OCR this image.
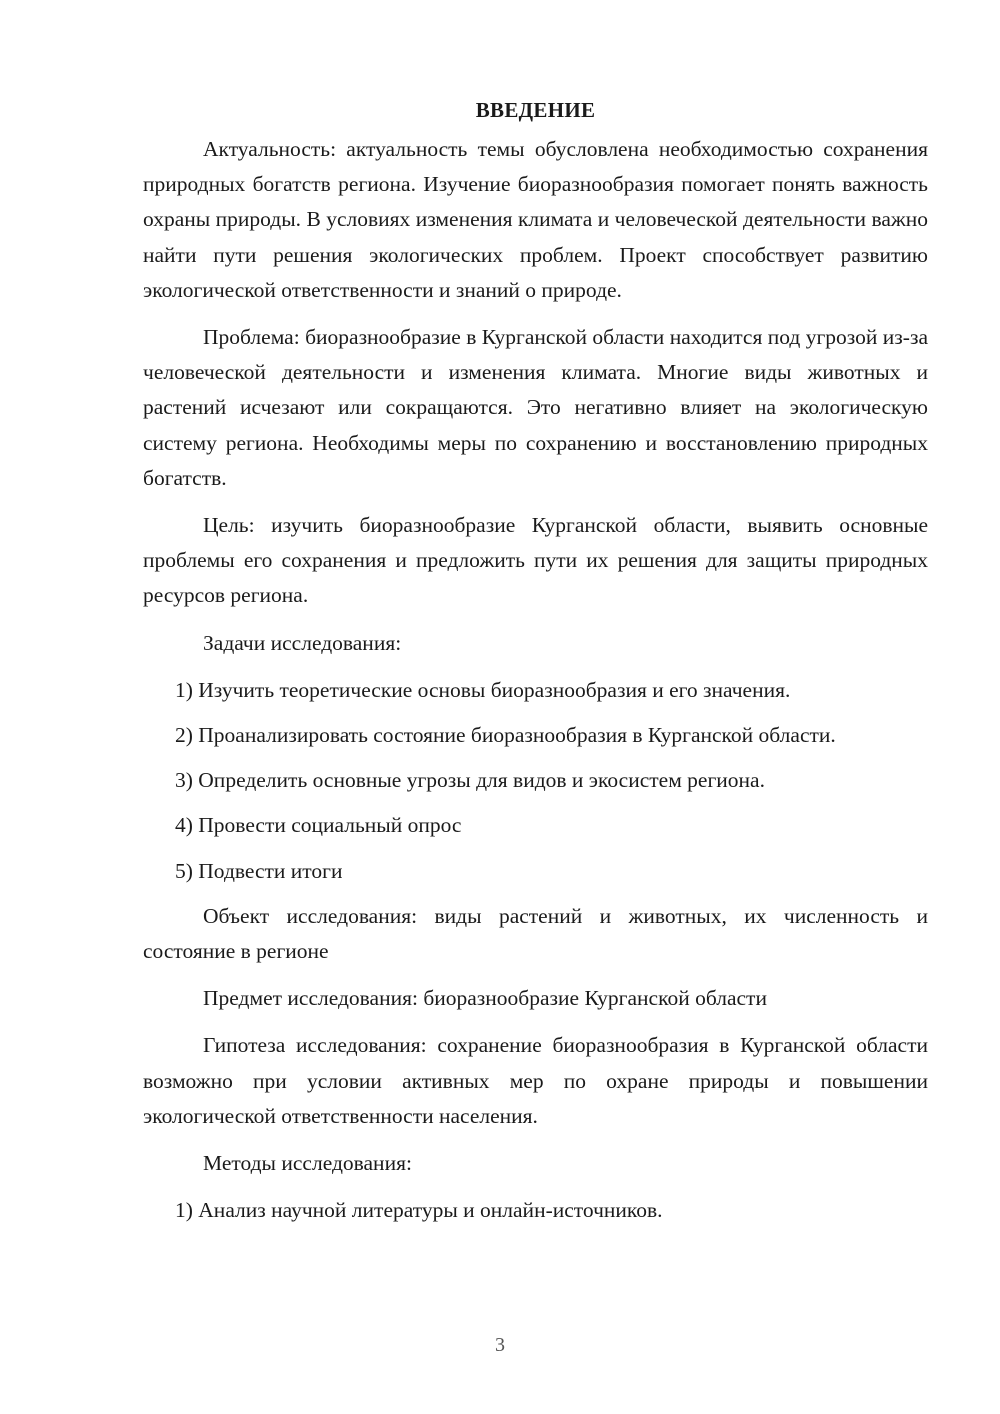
ВВЕДЕНИЕ

Актуальность: актуальность темы обусловлена необходимостью сохранения природных богатств региона. Изучение биоразнообразия помогает понять важность охраны природы. В условиях изменения климата и человеческой деятельности важно найти пути решения экологических проблем. Проект способствует развитию экологической ответственности и знаний о природе.

Проблема: биоразнообразие в Курганской области находится под угрозой из-за человеческой деятельности и изменения климата. Многие виды животных и растений исчезают или сокращаются. Это негативно влияет на экологическую систему региона. Необходимы меры по сохранению и восстановлению природных богатств.

Цель: изучить биоразнообразие Курганской области, выявить основные проблемы его сохранения и предложить пути их решения для защиты природных ресурсов региона.

Задачи исследования:

1) Изучить теоретические основы биоразнообразия и его значения.

2) Проанализировать состояние биоразнообразия в Курганской области.

3) Определить основные угрозы для видов и экосистем региона.

4) Провести социальный опрос

5) Подвести итоги

Объект исследования: виды растений и животных, их численность и состояние в регионе

Предмет исследования: биоразнообразие Курганской области

Гипотеза исследования: сохранение биоразнообразия в Курганской области возможно при условии активных мер по охране природы и повышении экологической ответственности населения.

Методы исследования:

1) Анализ научной литературы и онлайн-источников.

3
